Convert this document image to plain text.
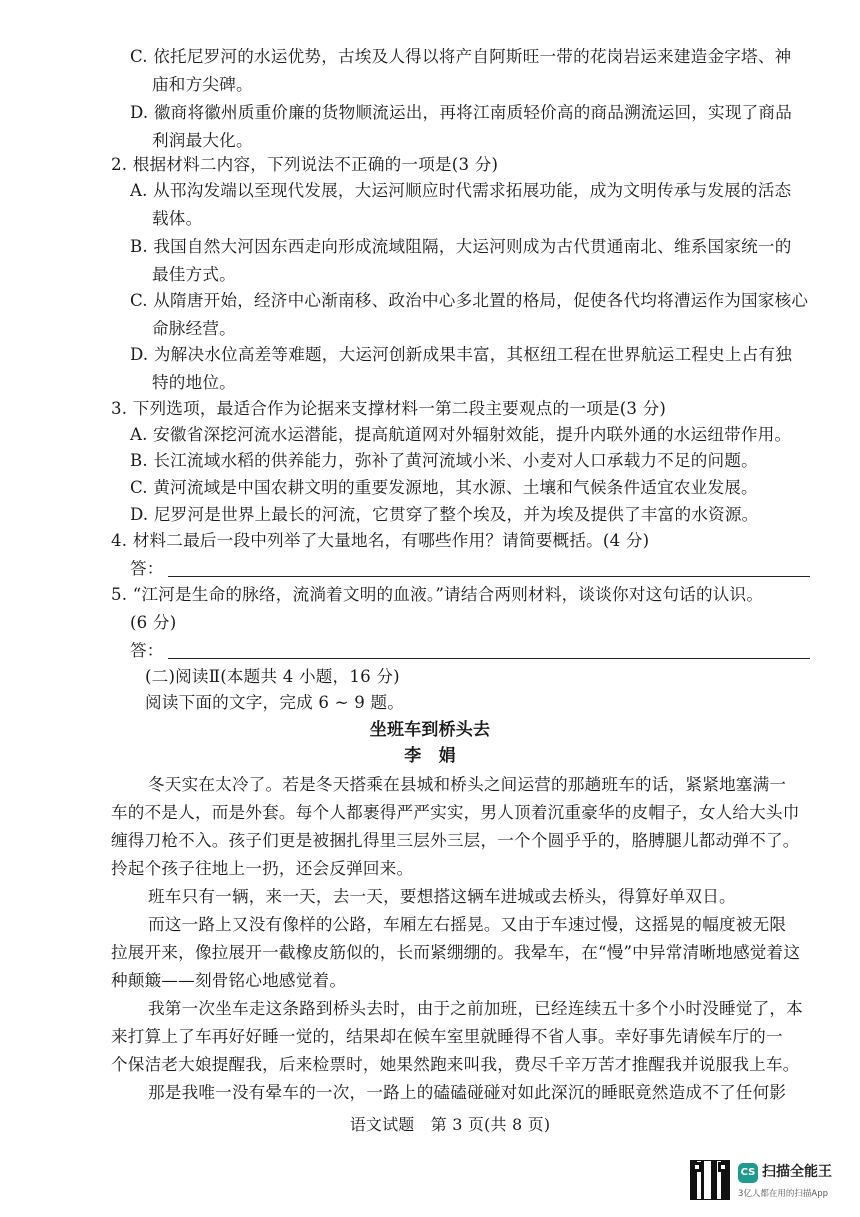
C. 依托尼罗河的水运优势，古埃及人得以将产自阿斯旺一带的花岗岩运来建造金字塔、神
庙和方尖碑。
D. 徽商将徽州质重价廉的货物顺流运出，再将江南质轻价高的商品溯流运回，实现了商品
利润最大化。
2. 根据材料二内容，下列说法不正确的一项是(3 分)
A. 从邗沟发端以至现代发展，大运河顺应时代需求拓展功能，成为文明传承与发展的活态
载体。
B. 我国自然大河因东西走向形成流域阻隔，大运河则成为古代贯通南北、维系国家统一的
最佳方式。
C. 从隋唐开始，经济中心渐南移、政治中心多北置的格局，促使各代均将漕运作为国家核心
命脉经营。
D. 为解决水位高差等难题，大运河创新成果丰富，其枢纽工程在世界航运工程史上占有独
特的地位。
3. 下列选项，最适合作为论据来支撑材料一第二段主要观点的一项是(3 分)
A. 安徽省深挖河流水运潜能，提高航道网对外辐射效能，提升内联外通的水运纽带作用。
B. 长江流域水稻的供养能力，弥补了黄河流域小米、小麦对人口承载力不足的问题。
C. 黄河流域是中国农耕文明的重要发源地，其水源、土壤和气候条件适宜农业发展。
D. 尼罗河是世界上最长的河流，它贯穿了整个埃及，并为埃及提供了丰富的水资源。
4. 材料二最后一段中列举了大量地名，有哪些作用？请简要概括。(4 分)
答：
5. “江河是生命的脉络，流淌着文明的血液。”请结合两则材料，谈谈你对这句话的认识。
(6 分)
答：
(二)阅读Ⅱ(本题共 4 小题，16 分)
阅读下面的文字，完成 6 ~ 9 题。
坐班车到桥头去
李　娟
冬天实在太冷了。若是冬天搭乘在县城和桥头之间运营的那趟班车的话，紧紧地塞满一
车的不是人，而是外套。每个人都裹得严严实实，男人顶着沉重豪华的皮帽子，女人给大头巾
缠得刀枪不入。孩子们更是被捆扎得里三层外三层，一个个圆乎乎的，胳膊腿儿都动弹不了。
拎起个孩子往地上一扔，还会反弹回来。
班车只有一辆，来一天，去一天，要想搭这辆车进城或去桥头，得算好单双日。
而这一路上又没有像样的公路，车厢左右摇晃。又由于车速过慢，这摇晃的幅度被无限
拉展开来，像拉展开一截橡皮筋似的，长而紧绷绷的。我晕车，在“慢”中异常清晰地感觉着这
种颠簸——刻骨铭心地感觉着。
我第一次坐车走这条路到桥头去时，由于之前加班，已经连续五十多个小时没睡觉了，本
来打算上了车再好好睡一觉的，结果却在候车室里就睡得不省人事。幸好事先请候车厅的一
个保洁老大娘提醒我，后来检票时，她果然跑来叫我，费尽千辛万苦才推醒我并说服我上车。
那是我唯一没有晕车的一次，一路上的磕磕碰碰对如此深沉的睡眠竟然造成不了任何影
语文试题　第 3 页(共 8 页)
CS 扫描全能王
3亿人都在用的扫描App
